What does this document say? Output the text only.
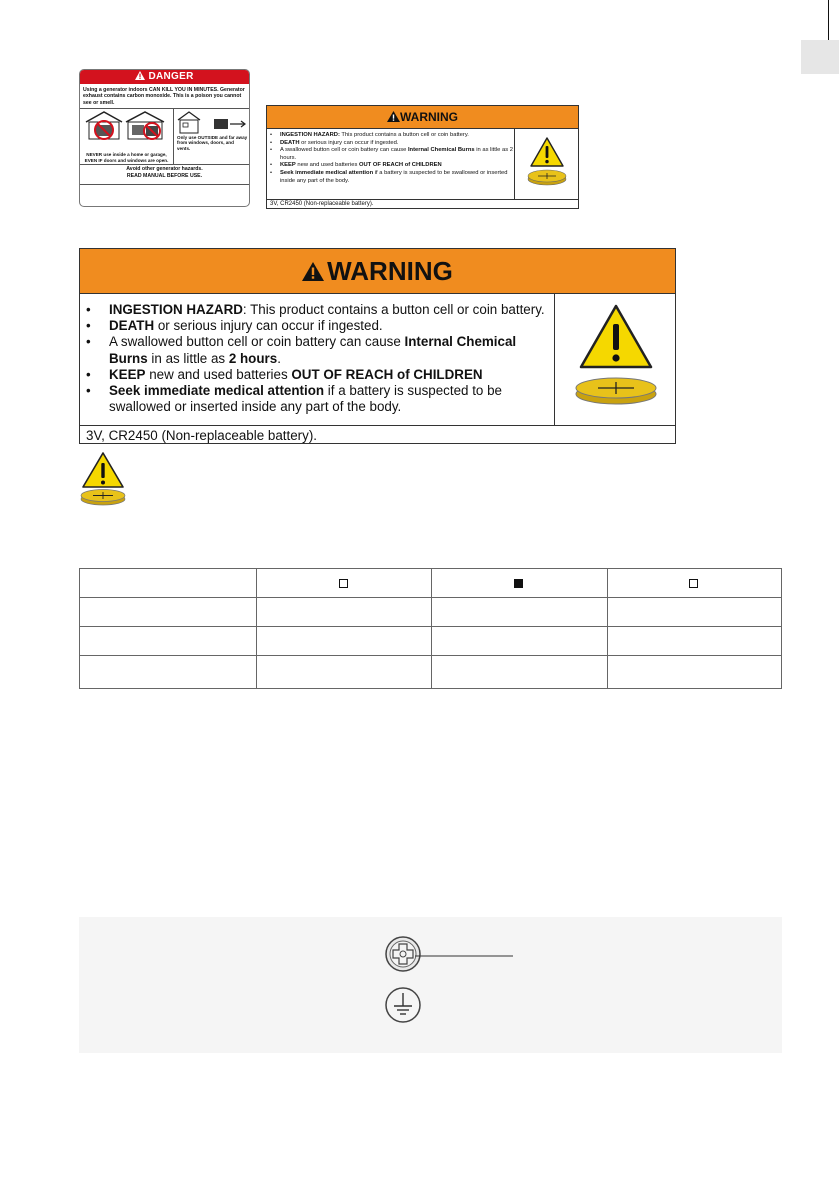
DANGER
Using a generator indoors CAN KILL YOU IN MINUTES. Generator exhaust contains carbon monoxide. This is a poison you cannot see or smell.
NEVER use inside a home or garage, EVEN IF doors and windows are open.
Only use OUTSIDE and far away from windows, doors, and vents.
Avoid other generator hazards.
READ MANUAL BEFORE USE.
WARNING
•	INGESTION HAZARD: This product contains a button cell or coin battery.
•	DEATH or serious injury can occur if ingested.
•	A swallowed button cell or coin battery can cause Internal Chemical Burns in as little as 2 hours.
•	KEEP new and used batteries OUT OF REACH of CHILDREN
•	Seek immediate medical attention if a battery is suspected to be swallowed or inserted inside any part of the body.
3V, CR2450 (Non-replaceable battery).
WARNING
•	INGESTION HAZARD: This product contains a button cell or coin battery.
•	DEATH or serious injury can occur if ingested.
•	A swallowed button cell or coin battery can cause Internal Chemical
Burns in as little as 2 hours.
•	KEEP new and used batteries OUT OF REACH of CHILDREN
•	Seek immediate medical attention if a battery is suspected to be
swallowed or inserted inside any part of the body.
3V, CR2450 (Non-replaceable battery).
